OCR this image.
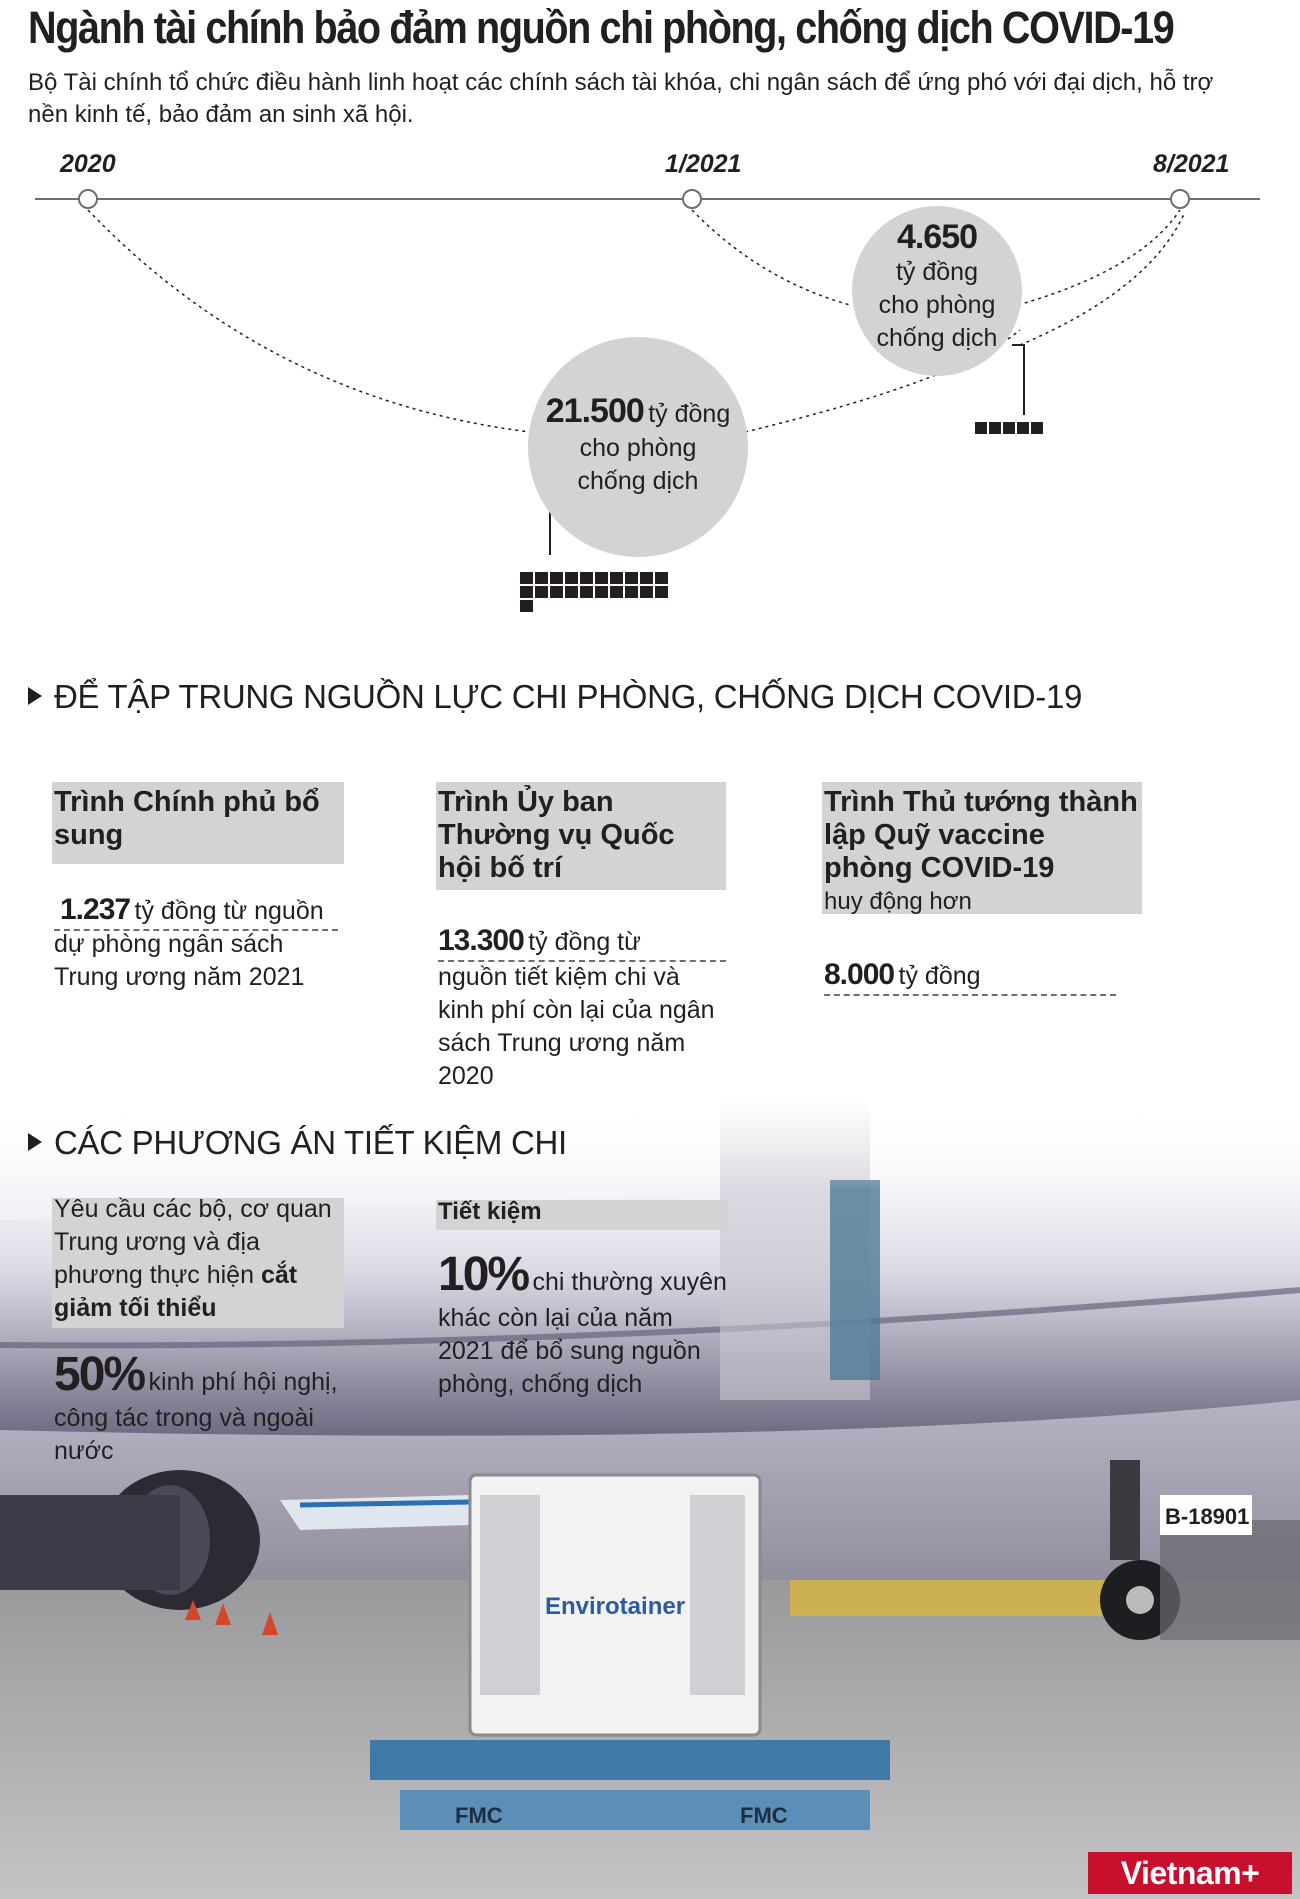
Ngành tài chính bảo đảm nguồn chi phòng, chống dịch COVID-19
Bộ Tài chính tổ chức điều hành linh hoạt các chính sách tài khóa, chi ngân sách để ứng phó với đại dịch, hỗ trợ nền kinh tế, bảo đảm an sinh xã hội.
2020	1/2021	8/2021
21.500 tỷ đồng
cho phòng
chống dịch
4.650
tỷ đồng
cho phòng
chống dịch
ĐỂ TẬP TRUNG NGUỒN LỰC CHI PHÒNG, CHỐNG DỊCH COVID-19
Trình Chính phủ bổ sung
1.237 tỷ đồng từ nguồn
dự phòng ngân sách Trung ương năm 2021
Trình Ủy ban Thường vụ Quốc hội bố trí
13.300 tỷ đồng từ
nguồn tiết kiệm chi và kinh phí còn lại của ngân sách Trung ương năm 2020
Trình Thủ tướng thành lập Quỹ vaccine phòng COVID-19
huy động hơn
8.000 tỷ đồng
B-18901
Envirotainer
FMC	FMC
CÁC PHƯƠNG ÁN TIẾT KIỆM CHI
Yêu cầu các bộ, cơ quan Trung ương và địa phương thực hiện cắt giảm tối thiểu
50% kinh phí hội nghị,
công tác trong và ngoài nước
Tiết kiệm
10% chi thường xuyên
khác còn lại của năm 2021 để bổ sung nguồn phòng, chống dịch
Vietnam+
